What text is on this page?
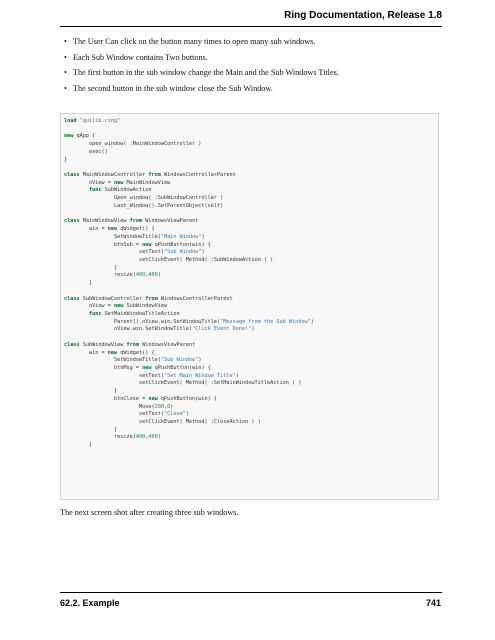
Ring Documentation, Release 1.8
• The User Can click on the button many times to open many sub windows.
• Each Sub Window contains Two buttons.
• The first button in the sub window change the Main and the Sub Windows Titles.
• The second button in the sub window close the Sub Window.
load "guilib.ring"
new qApp {
open_window( :MainWindowController )
exec()
}
class MainWindowController from WindowsControllerParent
oView = new MainWindowView
func SubWindowAction
Open_window( :SubWindowController )
Last_Window().SetParentObject(self)
class MainWindowView from WindowsViewParent
win = new qWidget() {
SetWindowTitle("Main Window")
btnSub = new qPushButton(win) {
setText("Sub Window")
setClickEvent( Method( :SubWindowAction ) )
}
resize(400,400)
}
class SubWindowController from WindowsControllerParent
oView = new SubWindowView
func SetMainWindowTitleAction
Parent().oView.win.SetWindowTitle("Message from the Sub Window")
oView.win.SetWindowTitle("Click Event Done!")
class SubWindowView from WindowsViewParent
win = new qWidget() {
SetWindowTitle("Sub Window")
btnMsg = new qPushButton(win) {
setText("Set Main Window Title")
setClickEvent( Method( :SetMainWindowTitleAction ) )
}
btnClose = new qPushButton(win) {
Move(200,0)
setText("Close")
setClickEvent( Method( :CloseAction ) )
}
resize(400,400)
}
The next screen shot after creating three sub windows.
62.2. Example	741
